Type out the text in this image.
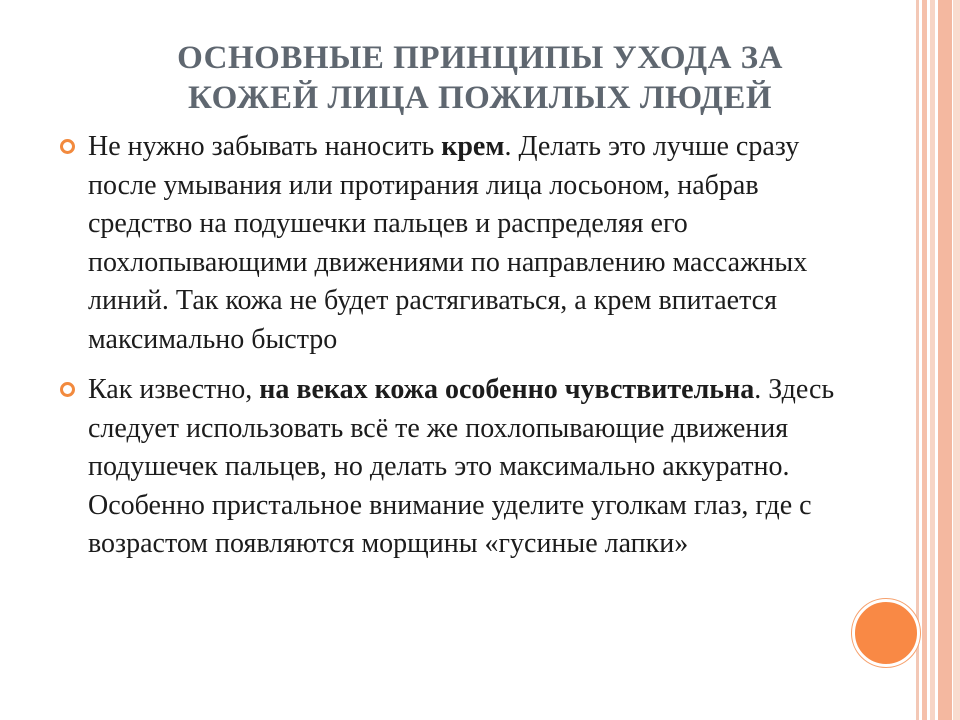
ОСНОВНЫЕ ПРИНЦИПЫ УХОДА ЗА
КОЖЕЙ ЛИЦА ПОЖИЛЫХ ЛЮДЕЙ
Не нужно забывать наносить крем. Делать это лучше сразу после умывания или протирания лица лосьоном, набрав средство на подушечки пальцев и распределяя его похлопывающими движениями по направлению массажных линий. Так кожа не будет растягиваться, а крем впитается максимально быстро
Как известно, на веках кожа особенно чувствительна. Здесь следует использовать всё те же похлопывающие движения подушечек пальцев, но делать это максимально аккуратно. Особенно пристальное внимание уделите уголкам глаз, где с возрастом появляются морщины «гусиные лапки»
